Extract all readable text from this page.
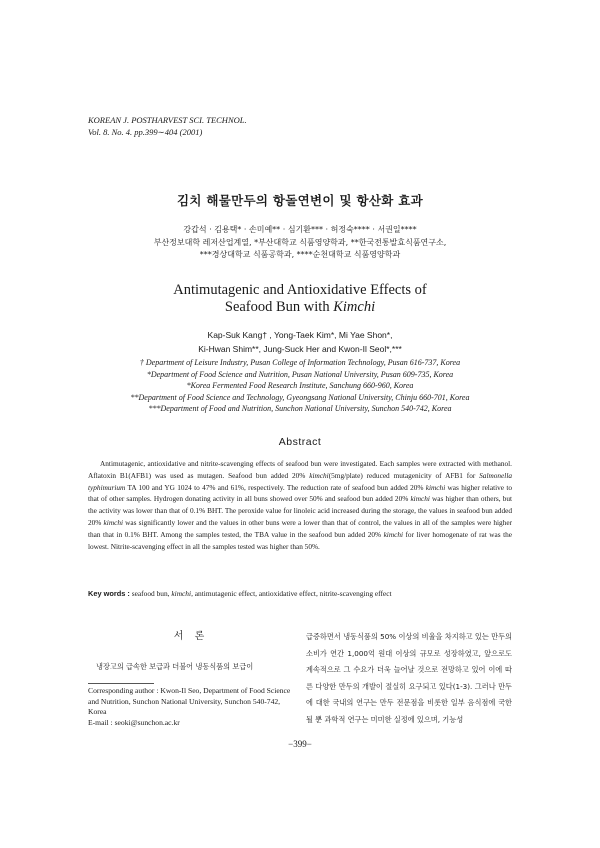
KOREAN J. POSTHARVEST SCI. TECHNOL.
Vol. 8. No. 4. pp.399∼404 (2001)
김치 해물만두의 항돌연변이 및 항산화 효과
강갑석 · 김용택* · 손미예** · 심기환*** · 허정숙**** · 서권일****
부산정보대학 레저산업계열, *부산대학교 식품영양학과, **한국전통발효식품연구소,
***경상대학교 식품공학과, ****순천대학교 식품영양학과
Antimutagenic and Antioxidative Effects of
Seafood Bun with Kimchi
Kap-Suk Kang† , Yong-Taek Kim*, Mi Yae Shon*,
Ki-Hwan Shim**, Jung-Suck Her and Kwon-Il Seol*,***
† Department of Leisure Industry, Pusan College of Information Technology, Pusan 616-737, Korea
*Department of Food Science and Nutrition, Pusan National University, Pusan 609-735, Korea
*Korea Fermented Food Research Institute, Sanchung 660-960, Korea
**Department of Food Science and Technology, Gyeongsang National University, Chinju 660-701, Korea
***Department of Food and Nutrition, Sunchon National University, Sunchon 540-742, Korea
Abstract

Antimutagenic, antioxidative and nitrite-scavenging effects of seafood bun were investigated. Each samples were extracted with methanol. Aflatoxin B1(AFB1) was used as mutagen. Seafood bun added 20% kimchi(5mg/plate) reduced mutagenicity of AFB1 for Salmonella typhimurium TA 100 and YG 1024 to 47% and 61%, respectively. The reduction rate of seafood bun added 20% kimchi was higher relative to that of other samples. Hydrogen donating activity in all buns showed over 50% and seafood bun added 20% kimchi was higher than others, but the activity was lower than that of 0.1% BHT. The peroxide value for linoleic acid increased during the storage, the values in seafood bun added 20% kimchi was significantly lower and the values in other buns were a lower than that of control, the values in all of the samples were higher than that in 0.1% BHT. Among the samples tested, the TBA value in the seafood bun added 20% kimchi for liver homogenate of rat was the lowest. Nitrite-scavenging effect in all the samples tested was higher than 50%.

Key words : seafood bun, kimchi, antimutagenic effect, antioxidative effect, nitrite-scavenging effect
서 론

냉장고의 급속한 보급과 더불어 냉동식품의 보급이

Corresponding author : Kwon-Il Seo, Department of Food Science and Nutrition, Sunchon National University, Sunchon 540-742, Korea
E-mail : seoki@sunchon.ac.kr

급증하면서 냉동식품의 50% 이상의 비율을 차지하고 있는 만두의 소비가 연간 1,000억 원대 이상의 규모로 성장하였고, 앞으로도 계속적으로 그 수요가 더욱 늘어날 것으로 전망하고 있어 이에 따른 다양한 만두의 개발이 절실히 요구되고 있다(1-3). 그러나 만두에 대한 국내의 연구는 만두 전문점을 비롯한 일부 음식점에 국한될 뿐 과학적 연구는 미미한 실정에 있으며, 기능성

−399−
